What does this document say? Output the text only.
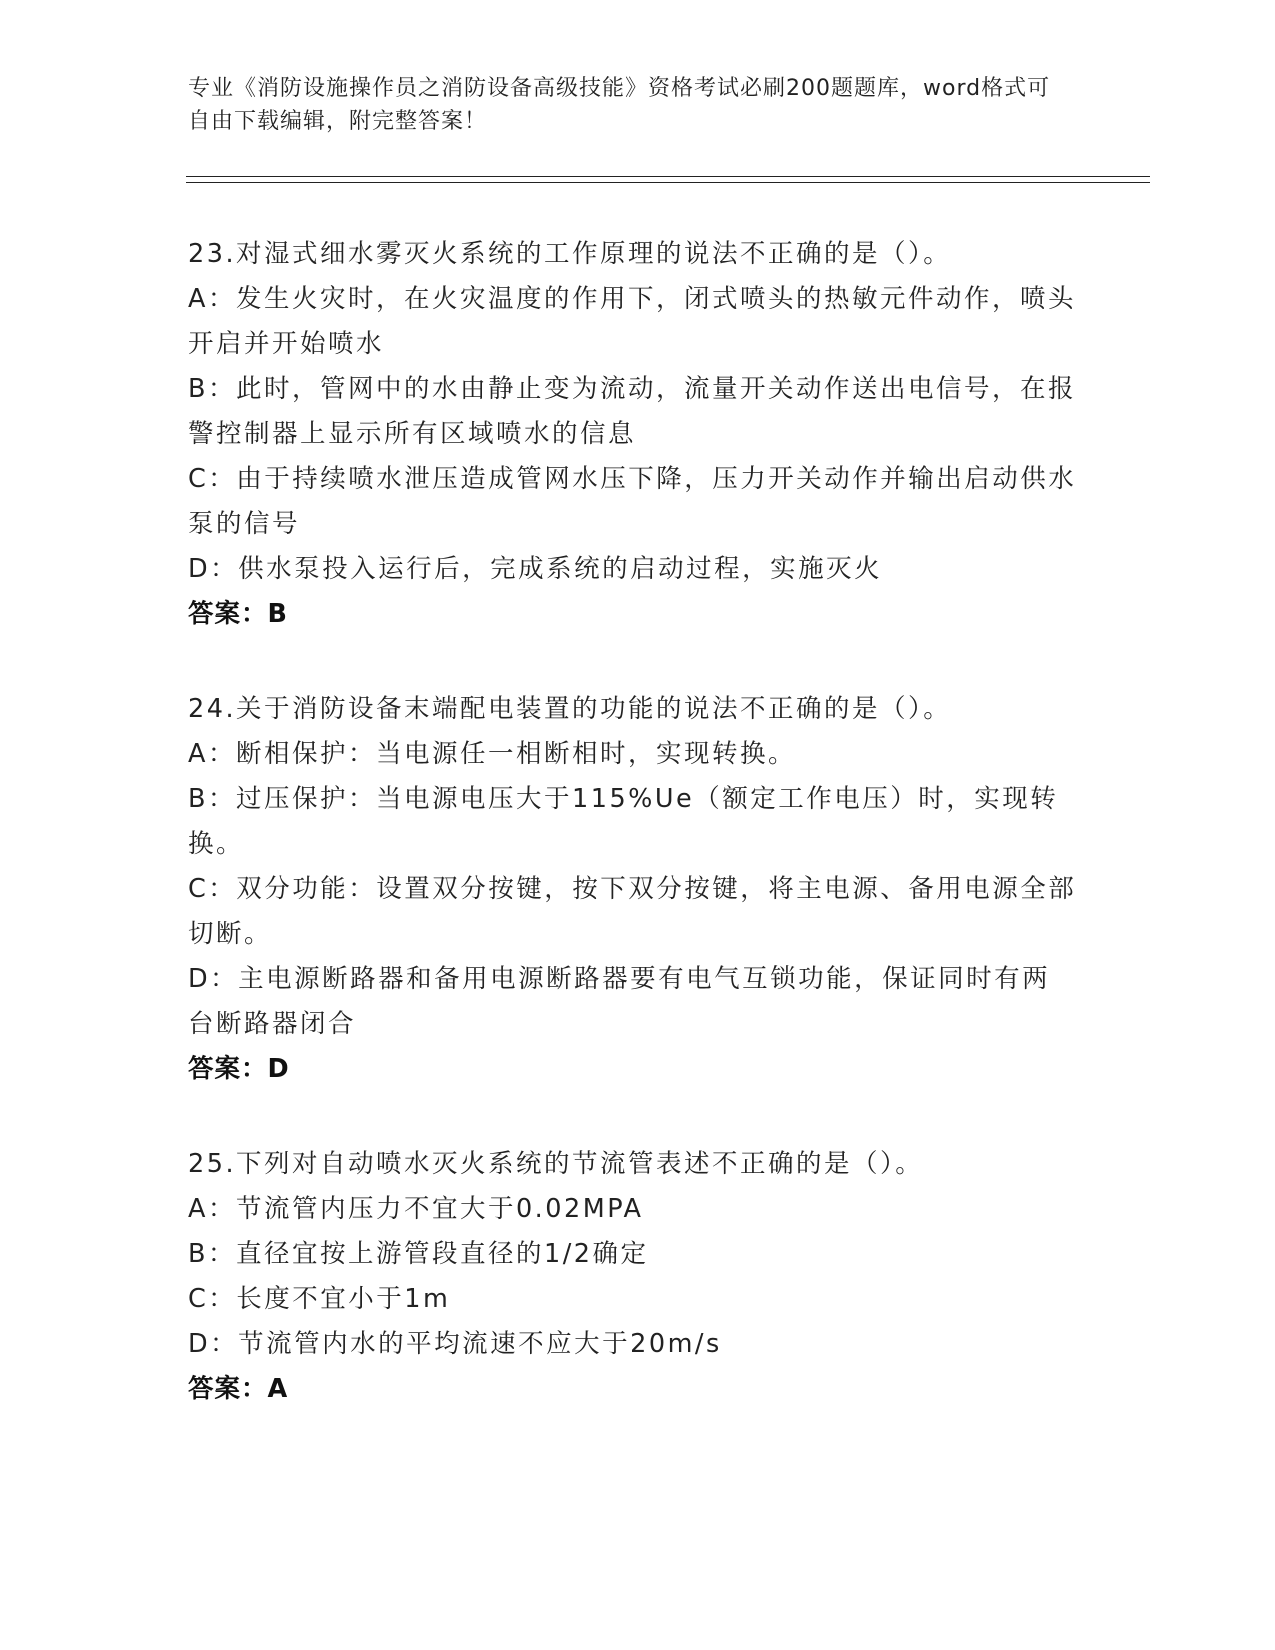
专业《消防设施操作员之消防设备高级技能》资格考试必刷200题题库，word格式可自由下载编辑，附完整答案！
23.对湿式细水雾灭火系统的工作原理的说法不正确的是（）。
A：发生火灾时，在火灾温度的作用下，闭式喷头的热敏元件动作，喷头开启并开始喷水
B：此时，管网中的水由静止变为流动，流量开关动作送出电信号，在报警控制器上显示所有区域喷水的信息
C：由于持续喷水泄压造成管网水压下降，压力开关动作并输出启动供水泵的信号
D：供水泵投入运行后，完成系统的启动过程，实施灭火
答案：B
24.关于消防设备末端配电装置的功能的说法不正确的是（）。
A：断相保护：当电源任一相断相时，实现转换。
B：过压保护：当电源电压大于115%Ue（额定工作电压）时，实现转换。
C：双分功能：设置双分按键，按下双分按键，将主电源、备用电源全部切断。
D：主电源断路器和备用电源断路器要有电气互锁功能，保证同时有两台断路器闭合
答案：D
25.下列对自动喷水灭火系统的节流管表述不正确的是（）。
A：节流管内压力不宜大于0.02MPA
B：直径宜按上游管段直径的1/2确定
C：长度不宜小于1m
D：节流管内水的平均流速不应大于20m/s
答案：A
